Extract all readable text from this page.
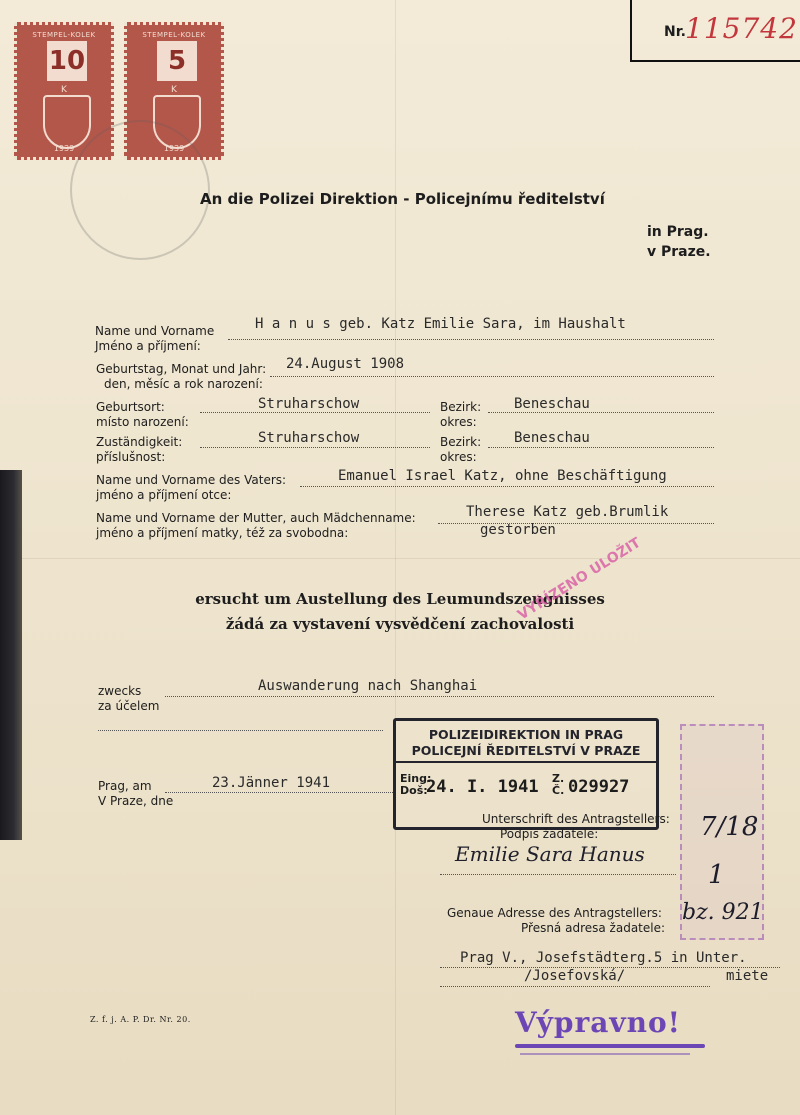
Nr. 115742
STEMPEL-KOLEK
10
K
1939
STEMPEL-KOLEK
5
K
1939
An die Polizei Direktion - Policejnímu ředitelství
in Prag.
v Praze.
Name und Vorname
Jméno a příjmení:
H a n u s geb. Katz Emilie Sara, im Haushalt
Geburtstag, Monat und Jahr:
den, měsíc a rok narození:
24.August 1908
Geburtsort:
místo narození:
Struharschow	Bezirk:
okres:
Beneschau
Zuständigkeit:
příslušnost:
Struharschow	Bezirk:
okres:
Beneschau
Name und Vorname des Vaters:
jméno a příjmení otce:
Emanuel Israel Katz, ohne Beschäftigung
Name und Vorname der Mutter, auch Mädchenname:
jméno a příjmení matky, též za svobodna:
Therese Katz geb.Brumlik
gestorben
ersucht um Austellung des Leumundszeugnisses
žádá za vystavení vysvědčení zachovalosti
VYŘÍZENO ULOŽIT
zwecks
za účelem
Auswanderung nach Shanghai
POLIZEIDIREKTION IN PRAG
POLICEJNÍ ŘEDITELSTVÍ V PRAZE
Eing:
Doš:
24. I. 1941 Z.
Č. 029927
7/18
1
bz. 921
Prag, am
V Praze, dne
23.Jänner 1941
Unterschrift des Antragstellers:
Podpis žadatele:
Emilie Sara Hanus
Genaue Adresse des Antragstellers:
Přesná adresa žadatele:
Prag V., Josefstädterg.5 in Unter.
/Josefovská/	miete
Z. f. j. A. P. Dr. Nr. 20.	Výpravno!
